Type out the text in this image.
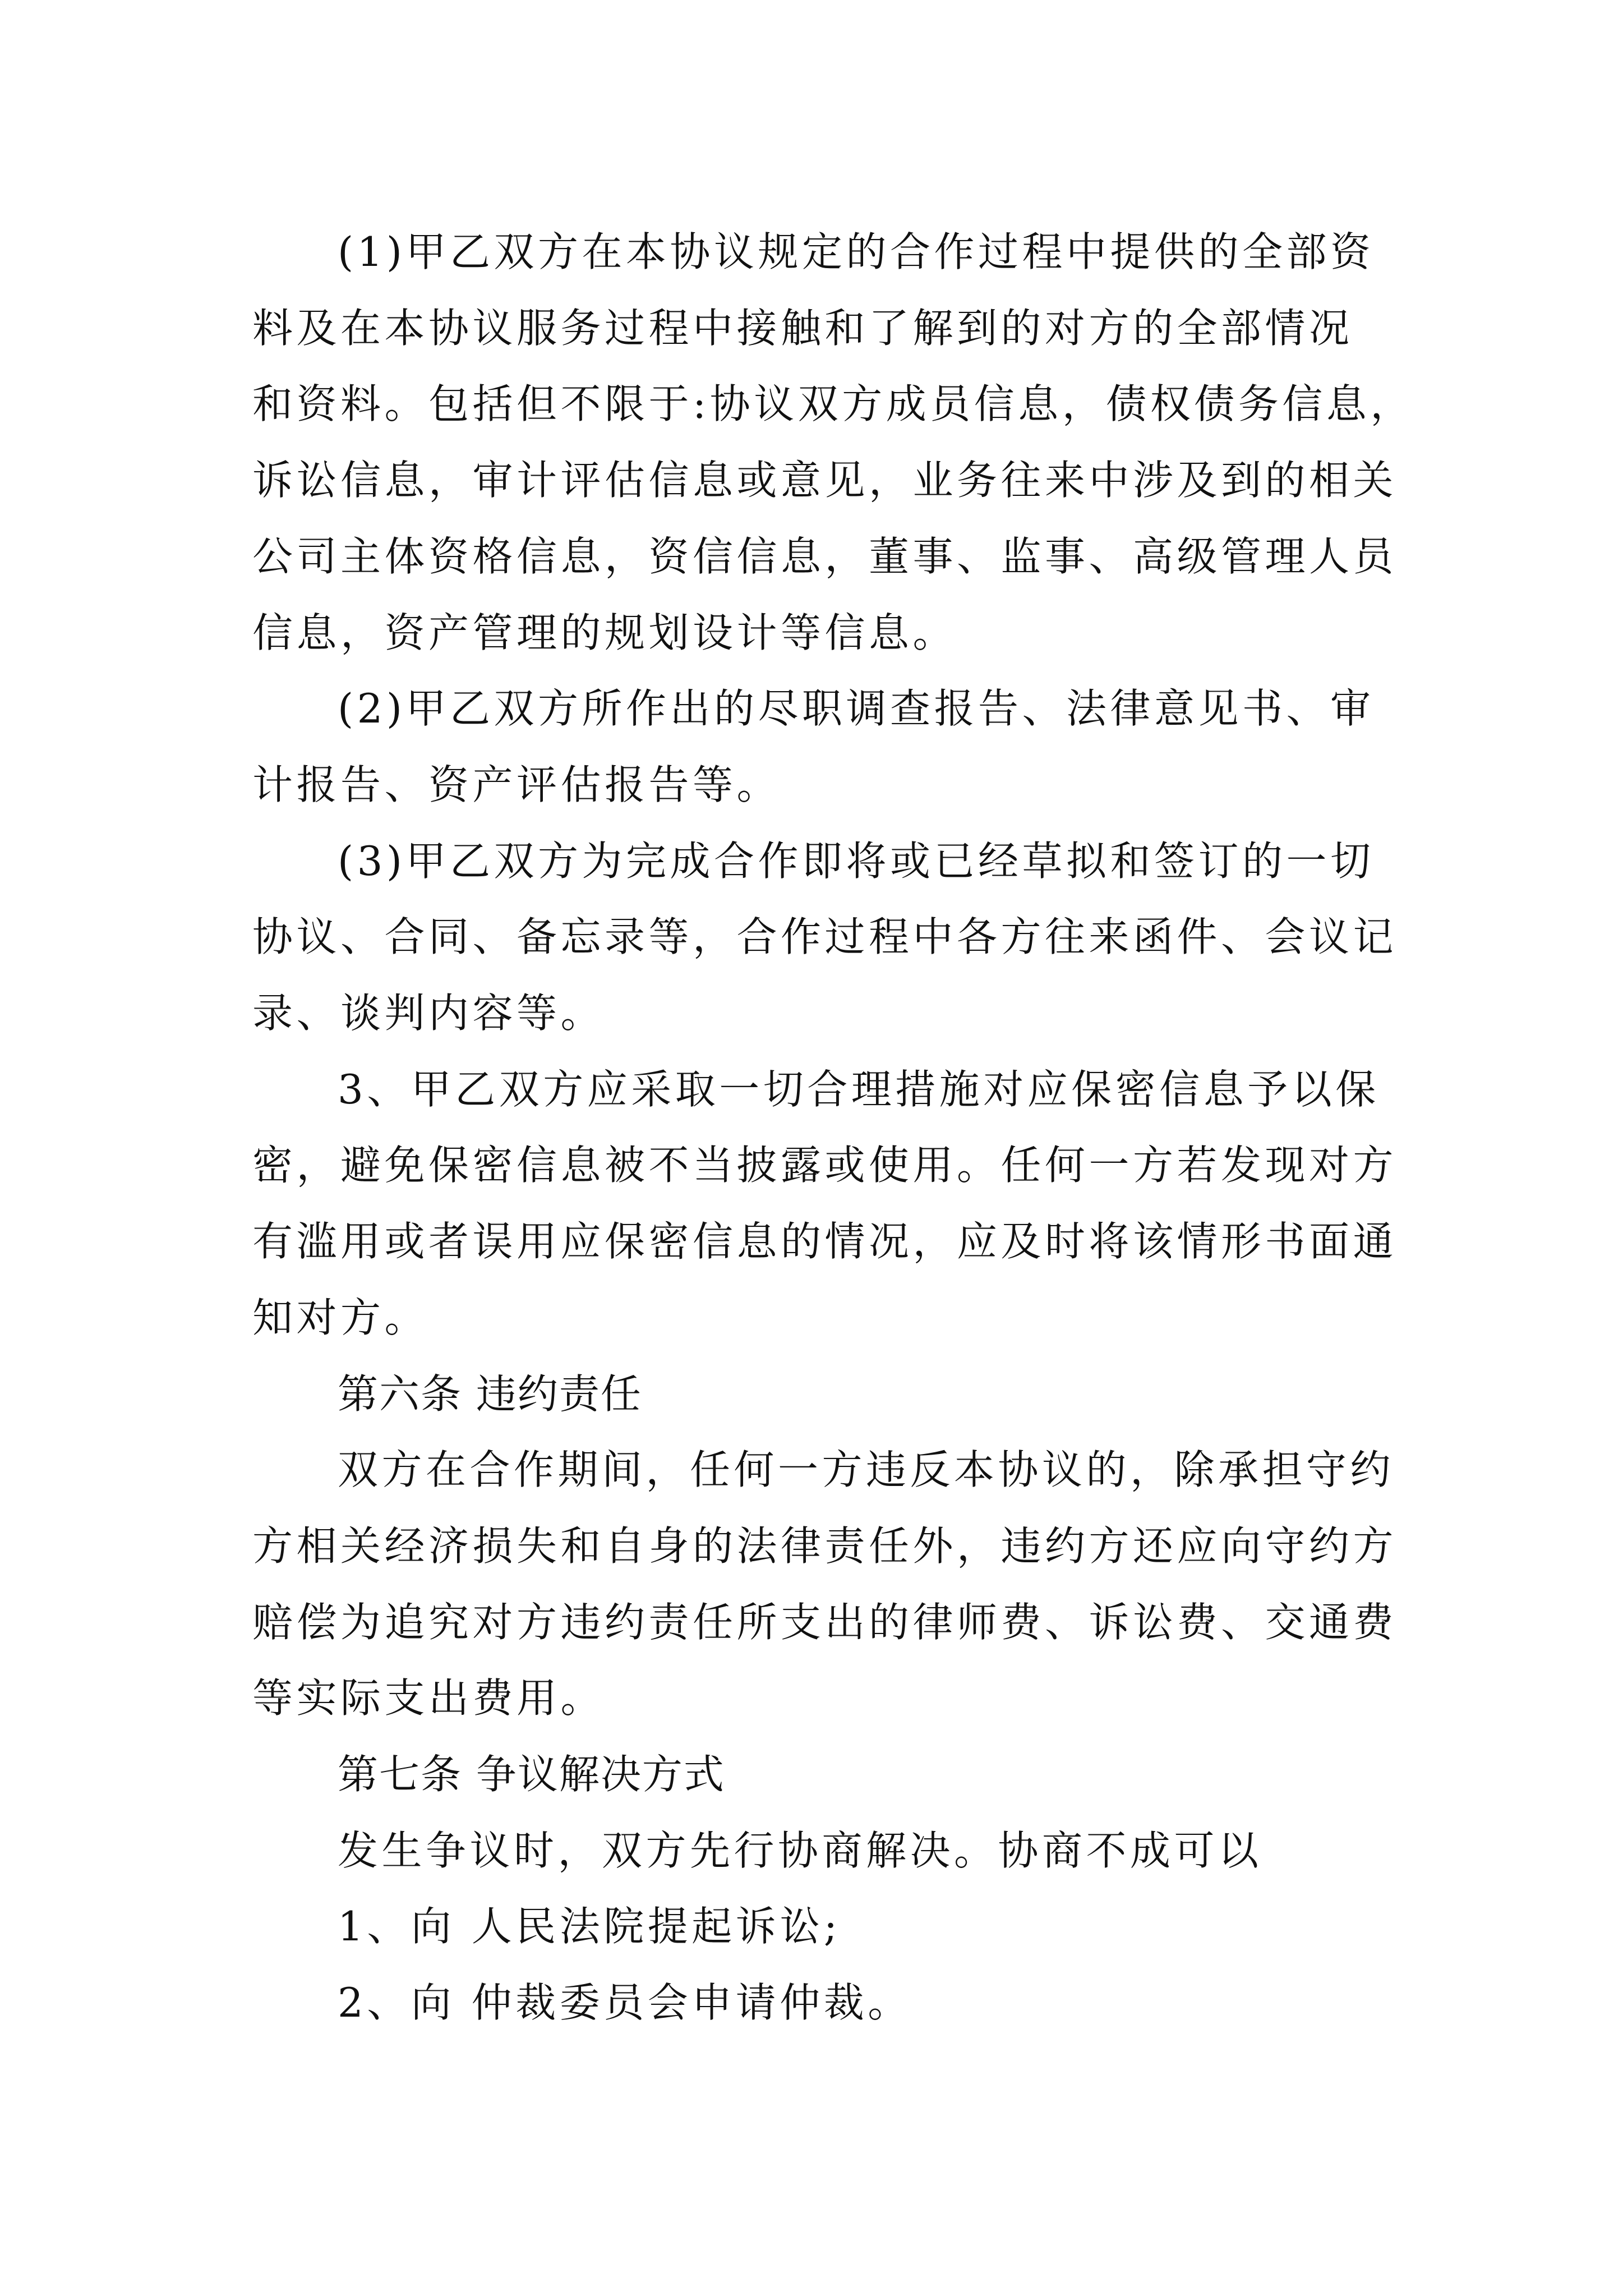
(1)甲乙双方在本协议规定的合作过程中提供的全部资
料及在本协议服务过程中接触和了解到的对方的全部情况
和资料。包括但不限于:协议双方成员信息，债权债务信息，
诉讼信息，审计评估信息或意见，业务往来中涉及到的相关
公司主体资格信息，资信信息，董事、监事、高级管理人员
信息，资产管理的规划设计等信息。

(2)甲乙双方所作出的尽职调查报告、法律意见书、审
计报告、资产评估报告等。

(3)甲乙双方为完成合作即将或已经草拟和签订的一切
协议、合同、备忘录等，合作过程中各方往来函件、会议记
录、谈判内容等。

3、甲乙双方应采取一切合理措施对应保密信息予以保
密，避免保密信息被不当披露或使用。任何一方若发现对方
有滥用或者误用应保密信息的情况，应及时将该情形书面通
知对方。

第六条 违约责任

双方在合作期间，任何一方违反本协议的，除承担守约
方相关经济损失和自身的法律责任外，违约方还应向守约方
赔偿为追究对方违约责任所支出的律师费、诉讼费、交通费
等实际支出费用。

第七条 争议解决方式

发生争议时，双方先行协商解决。协商不成可以

1、向 人民法院提起诉讼;

2、向 仲裁委员会申请仲裁。
